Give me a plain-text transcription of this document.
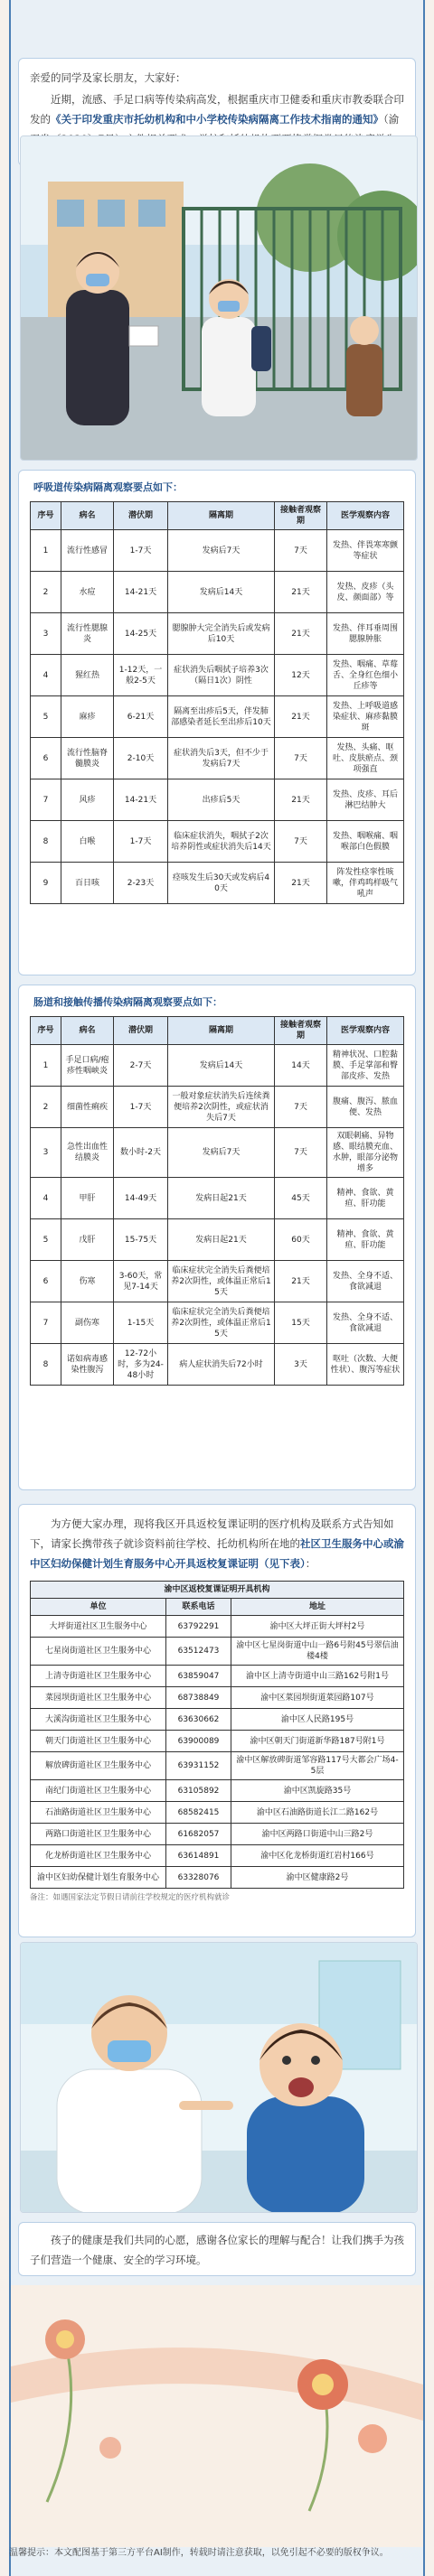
亲爱的同学及家长朋友，大家好：
近期，流感、手足口病等传染病高发，根据重庆市卫健委和重庆市教委联合印发的《关于印发重庆市托幼机构和中小学校传染病隔离工作技术指南的通知》（渝
呼吸道传染病隔离观察要点如下：
序号	病名	潜伏期	隔离期	接触者观察期	医学观察内容
1	流行性感冒	1-7天	发病后7天	7天	发热、伴畏寒寒颤等症状
2	水痘	14-21天	发病后14天	21天	发热、皮疹（头皮、颜面部）等
3	流行性腮腺炎	14-25天	腮腺肿大完全消失后或发病后10天	21天	发热、伴耳垂周围腮腺肿胀
4	猩红热	1-12天，一般2-5天	症状消失后咽拭子培养3次（隔日1次）阴性	12天	发热、咽痛、草莓舌、全身红色细小丘疹等
5	麻疹	6-21天	隔离至出疹后5天，伴发肺部感染者延长至出疹后10天	21天	发热、上呼吸道感染症状、麻疹黏膜斑
6	流行性脑脊髓膜炎	2-10天	症状消失后3天，但不少于发病后7天	7天	发热、头痛、呕吐、皮肤瘀点、颈项强直
7	风疹	14-21天	出疹后5天	21天	发热、皮疹、耳后淋巴结肿大
8	白喉	1-7天	临床症状消失，咽拭子2次培养阴性或症状消失后14天	7天	发热、咽喉痛、咽喉部白色假膜
9	百日咳	2-23天	痉咳发生后30天或发病后40天	21天	阵发性痉挛性咳嗽，伴鸡鸣样吸气吼声
肠道和接触传播传染病隔离观察要点如下：
序号	病名	潜伏期	隔离期	接触者观察期	医学观察内容
1	手足口病/疱疹性咽峡炎	2-7天	发病后14天	14天	精神状况、口腔黏膜、手足掌部和臀部皮疹、发热
2	细菌性痢疾	1-7天	一般对象症状消失后连续粪便培养2次阴性，或症状消失后7天	7天	腹痛、腹泻、脓血便、发热
3	急性出血性结膜炎	数小时-2天	发病后7天	7天	双眼刺痛、异物感、眼结膜充血、水肿，眼部分泌物增多
4	甲肝	14-49天	发病日起21天	45天	精神、食欲、黄疸、肝功能
5	戊肝	15-75天	发病日起21天	60天	精神、食欲、黄疸、肝功能
6	伤寒	3-60天，常见7-14天	临床症状完全消失后粪便培养2次阴性，或体温正常后15天	21天	发热、全身不适、食欲减退
7	副伤寒	1-15天	临床症状完全消失后粪便培养2次阴性，或体温正常后15天	15天	发热、全身不适、食欲减退
8	诺如病毒感染性腹泻	12-72小时，多为24-48小时	病人症状消失后72小时	3天	呕吐（次数、大便性状）、腹泻等症状
为方便大家办理，现将我区开具返校复课证明的医疗机构及联系方式告知如下，请家长携带孩子就诊资料前往学校、托幼机构所在地的社区卫生服务中心或渝中区妇幼保健计划生育服务中心开具返校复课证明（见下表）：
渝中区返校复课证明开具机构		
单位	联系电话	地址
大坪街道社区卫生服务中心	63792291	渝中区大坪正街大坪村2号
七星岗街道社区卫生服务中心	63512473	渝中区七星岗街道中山一路6号附45号翠信油楼4楼
上清寺街道社区卫生服务中心	63859047	渝中区上清寺街道中山三路162号附1号
菜园坝街道社区卫生服务中心	68738849	渝中区菜园坝街道菜园路107号
大溪沟街道社区卫生服务中心	63630662	渝中区人民路195号
朝天门街道社区卫生服务中心	63900089	渝中区朝天门街道新华路187号附1号
解放碑街道社区卫生服务中心	63931152	渝中区解放碑街道邹容路117号大都会广场4-5层
南纪门街道社区卫生服务中心	63105892	渝中区凯旋路35号
石油路街道社区卫生服务中心	68582415	渝中区石油路街道长江二路162号
两路口街道社区卫生服务中心	61682057	渝中区两路口街道中山三路2号
化龙桥街道社区卫生服务中心	63614891	渝中区化龙桥街道红岩村166号
渝中区妇幼保健计划生育服务中心	63328076	渝中区健康路2号
备注：如遇国家法定节假日请前往学校规定的医疗机构就诊
孩子的健康是我们共同的心愿，感谢各位家长的理解与配合！让我们携手为孩子们营造一个健康、安全的学习环境。
温馨提示：本文配图基于第三方平台AI制作，转载时请注意获取，以免引起不必要的版权争议。
